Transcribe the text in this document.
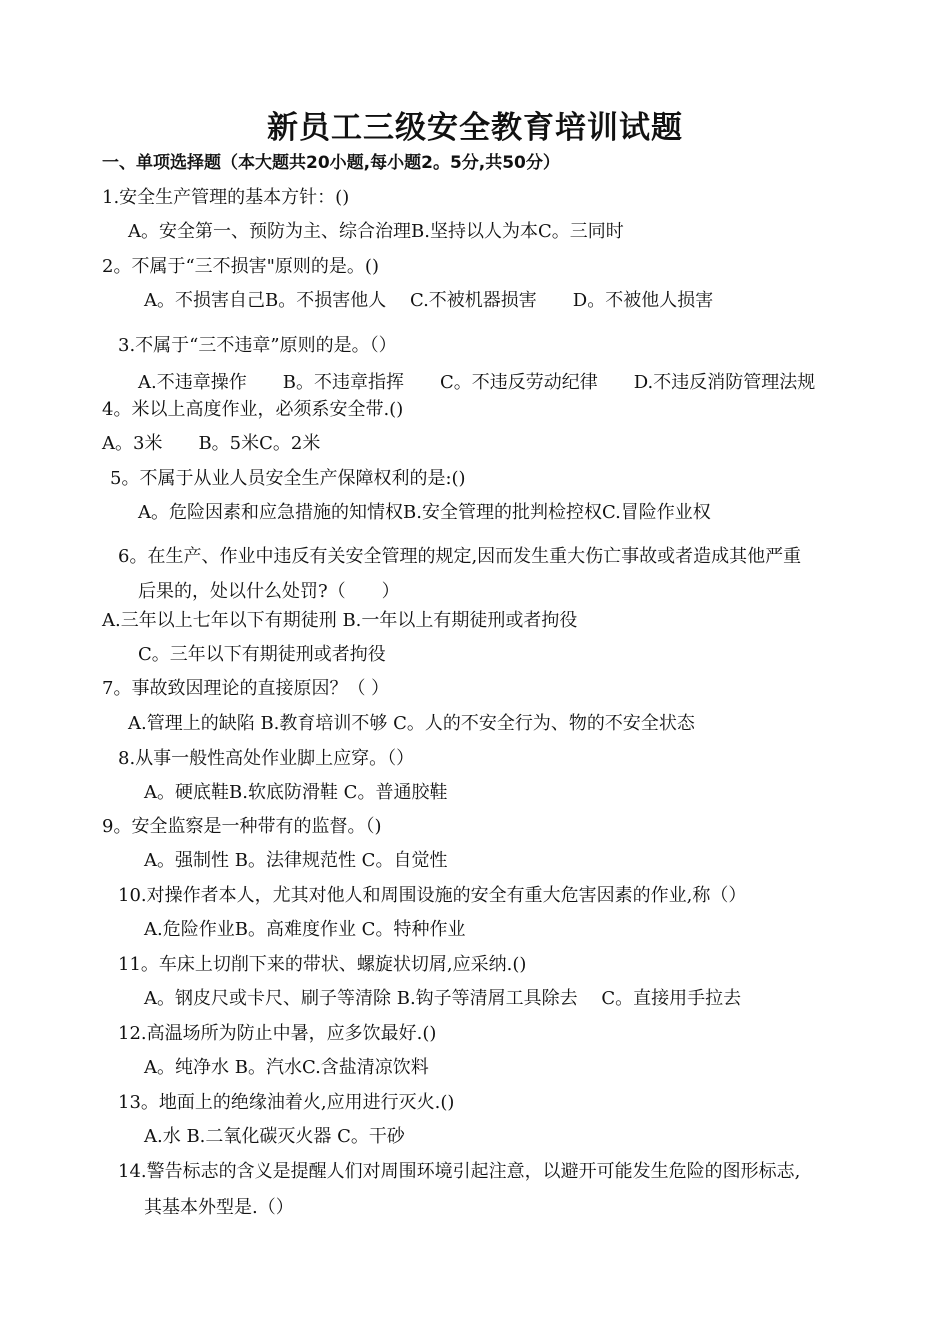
新员工三级安全教育培训试题
一、单项选择题（本大题共20小题,每小题2。5分,共50分）
1.安全生产管理的基本方针：()
A。安全第一、预防为主、综合治理B.坚持以人为本C。三同时
2。不属于“三不损害"原则的是。()
A。不损害自己B。不损害他人　 C.不被机器损害　　D。不被他人损害
3.不属于“三不违章”原则的是。（）
A.不违章操作　　B。不违章指挥　　C。不违反劳动纪律　　D.不违反消防管理法规
4。米以上高度作业，必须系安全带.()
A。3米　　B。5米C。2米
5。不属于从业人员安全生产保障权利的是:()
A。危险因素和应急措施的知情权B.安全管理的批判检控权C.冒险作业权
6。在生产、作业中违反有关安全管理的规定,因而发生重大伤亡事故或者造成其他严重
后果的，处以什么处罚?（　　）
A.三年以上七年以下有期徒刑 B.一年以上有期徒刑或者拘役
C。三年以下有期徒刑或者拘役
7。事故致因理论的直接原因？（ ）
A.管理上的缺陷 B.教育培训不够 C。人的不安全行为、物的不安全状态
8.从事一般性高处作业脚上应穿。（）
A。硬底鞋B.软底防滑鞋 C。普通胶鞋
9。安全监察是一种带有的监督。（)
A。强制性 B。法律规范性 C。自觉性
10.对操作者本人，尤其对他人和周围设施的安全有重大危害因素的作业,称（）
A.危险作业B。高难度作业 C。特种作业
11。车床上切削下来的带状、螺旋状切屑,应采纳.()
A。钢皮尺或卡尺、刷子等清除 B.钩子等清屑工具除去　 C。直接用手拉去
12.高温场所为防止中暑，应多饮最好.()
A。纯净水 B。汽水C.含盐清凉饮料
13。地面上的绝缘油着火,应用进行灭火.()
A.水 B.二氧化碳灭火器 C。干砂
14.警告标志的含义是提醒人们对周围环境引起注意，以避开可能发生危险的图形标志,
其基本外型是.（）
